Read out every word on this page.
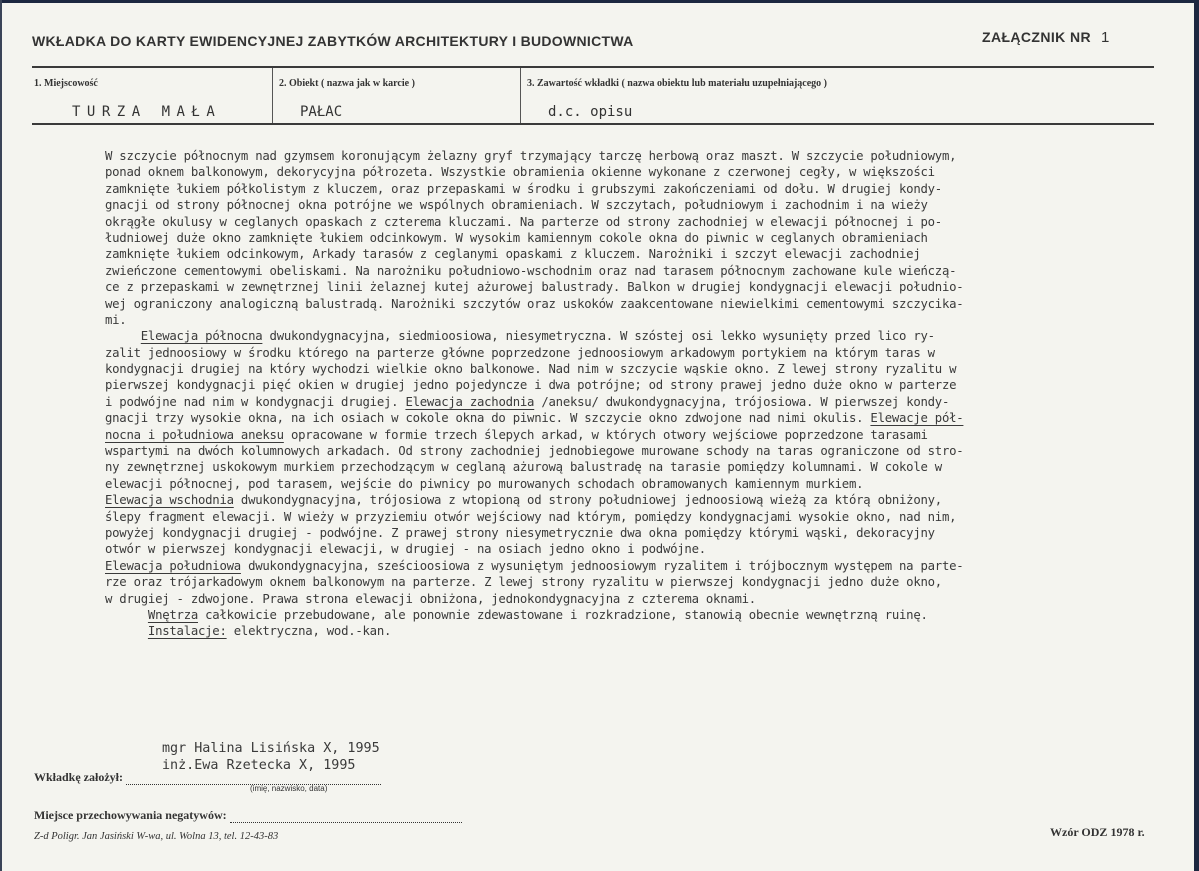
WKŁADKA DO KARTY EWIDENCYJNEJ ZABYTKÓW ARCHITEKTURY I BUDOWNICTWA	ZAŁĄCZNIK NR 1
1. Miejscowość	2. Obiekt ( nazwa jak w karcie )	3. Zawartość wkładki ( nazwa obiektu lub materiału uzupełniającego )
TURZA MAŁA	PAŁAC	d.c. opisu
W szczycie północnym nad gzymsem koronującym żelazny gryf trzymający tarczę herbową oraz maszt. W szczycie południowym,
ponad oknem balkonowym, dekorycyjna półrozeta. Wszystkie obramienia okienne wykonane z czerwonej cegły, w większości
zamknięte łukiem półkolistym z kluczem, oraz przepaskami w środku i grubszymi zakończeniami od dołu. W drugiej kondy-
gnacji od strony północnej okna potrójne we wspólnych obramieniach. W szczytach, południowym i zachodnim i na wieży
okrągłe okulusy w ceglanych opaskach z czterema kluczami. Na parterze od strony zachodniej w elewacji północnej i po-
łudniowej duże okno zamknięte łukiem odcinkowym. W wysokim kamiennym cokole okna do piwnic w ceglanych obramieniach
zamknięte łukiem odcinkowym, Arkady tarasów z ceglanymi opaskami z kluczem. Narożniki i szczyt elewacji zachodniej
zwieńczone cementowymi obeliskami. Na narożniku południowo-wschodnim oraz nad tarasem północnym zachowane kule wieńczą-
ce z przepaskami w zewnętrznej linii żelaznej kutej ażurowej balustrady. Balkon w drugiej kondygnacji elewacji południo-
wej ograniczony analogiczną balustradą. Narożniki szczytów oraz uskoków zaakcentowane niewielkimi cementowymi szczycika-
mi.
Elewacja północna dwukondygnacyjna, siedmioosiowa, niesymetryczna. W szóstej osi lekko wysunięty przed lico ry-
zalit jednoosiowy w środku którego na parterze główne poprzedzone jednoosiowym arkadowym portykiem na którym taras w
kondygnacji drugiej na który wychodzi wielkie okno balkonowe. Nad nim w szczycie wąskie okno. Z lewej strony ryzalitu w
pierwszej kondygnacji pięć okien w drugiej jedno pojedyncze i dwa potrójne; od strony prawej jedno duże okno w parterze
i podwójne nad nim w kondygnacji drugiej. Elewacja zachodnia /aneksu/ dwukondygnacyjna, trójosiowa. W pierwszej kondy-
gnacji trzy wysokie okna, na ich osiach w cokole okna do piwnic. W szczycie okno zdwojone nad nimi okulis. Elewacje pół-
nocna i południowa aneksu opracowane w formie trzech ślepych arkad, w których otwory wejściowe poprzedzone tarasami
wspartymi na dwóch kolumnowych arkadach. Od strony zachodniej jednobiegowe murowane schody na taras ograniczone od stro-
ny zewnętrznej uskokowym murkiem przechodzącym w ceglaną ażurową balustradę na tarasie pomiędzy kolumnami. W cokole w
elewacji północnej, pod tarasem, wejście do piwnicy po murowanych schodach obramowanych kamiennym murkiem.
Elewacja wschodnia dwukondygnacyjna, trójosiowa z wtopioną od strony południowej jednoosiową wieżą za którą obniżony,
ślepy fragment elewacji. W wieży w przyziemiu otwór wejściowy nad którym, pomiędzy kondygnacjami wysokie okno, nad nim,
powyżej kondygnacji drugiej - podwójne. Z prawej strony niesymetrycznie dwa okna pomiędzy którymi wąski, dekoracyjny
otwór w pierwszej kondygnacji elewacji, w drugiej - na osiach jedno okno i podwójne.
Elewacja południowa dwukondygnacyjna, sześcioosiowa z wysuniętym jednoosiowym ryzalitem i trójbocznym występem na parte-
rze oraz trójarkadowym oknem balkonowym na parterze. Z lewej strony ryzalitu w pierwszej kondygnacji jedno duże okno,
w drugiej - zdwojone. Prawa strona elewacji obniżona, jednokondygnacyjna z czterema oknami.
Wnętrza całkowicie przebudowane, ale ponownie zdewastowane i rozkradzione, stanowią obecnie wewnętrzną ruinę.
Instalacje: elektryczna, wod.-kan.
mgr Halina Lisińska X, 1995
inż.Ewa Rzetecka X, 1995
Wkładkę założył:
(imię, nazwisko, data)
Miejsce przechowywania negatywów:
Z-d Poligr. Jan Jasiński W-wa, ul. Wolna 13, tel. 12-43-83	Wzór ODZ 1978 r.
